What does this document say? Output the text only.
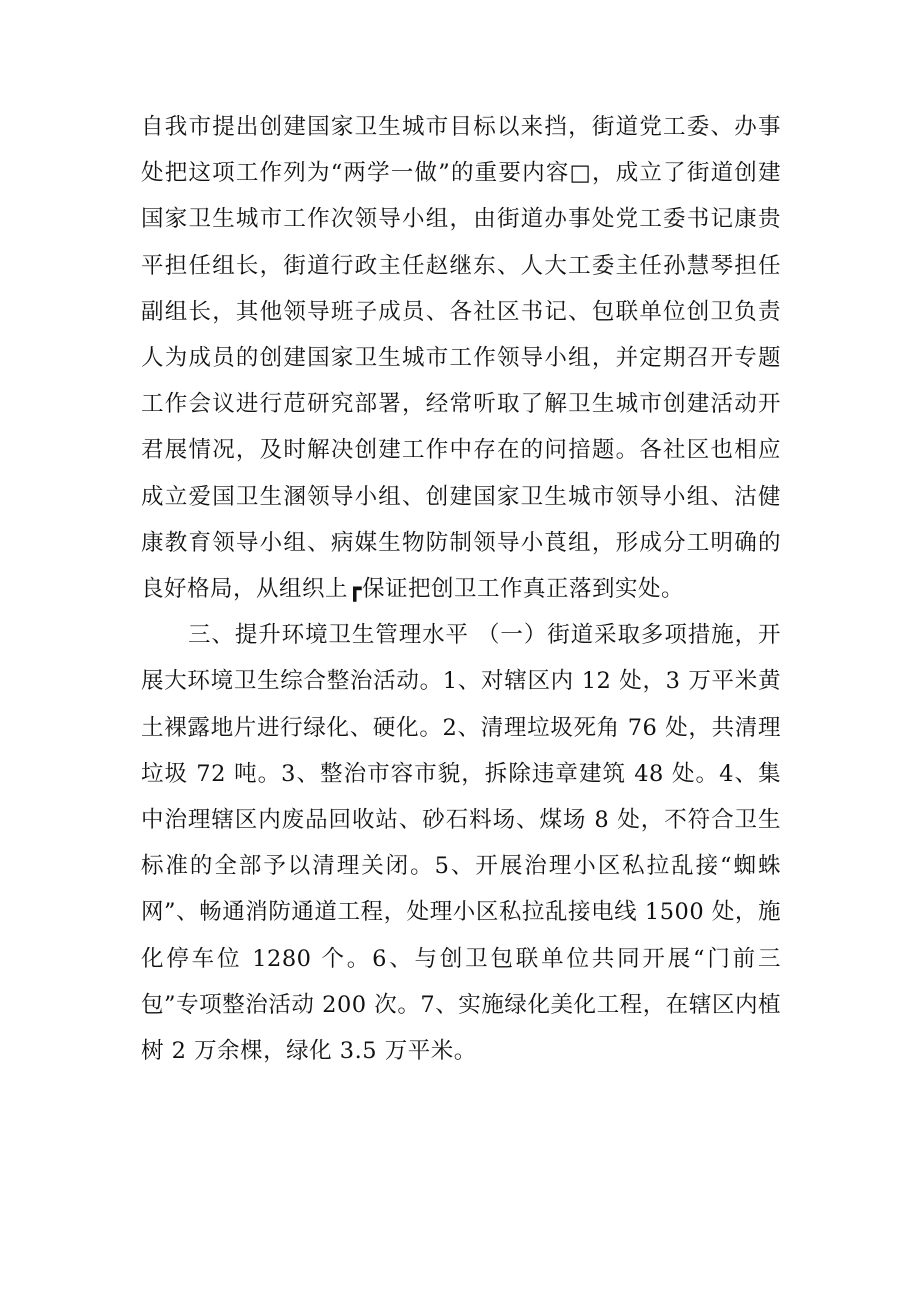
自我市提出创建国家卫生城市目标以来挡，街道党工委、办事处把这项工作列为“两学一做”的重要内容□，成立了街道创建国家卫生城市工作次领导小组，由街道办事处党工委书记康贵平担任组长，街道行政主任赵继东、人大工委主任孙慧琴担任副组长，其他领导班子成员、各社区书记、包联单位创卫负责人为成员的创建国家卫生城市工作领导小组，并定期召开专题工作会议进行苊研究部署，经常听取了解卫生城市创建活动开君展情况，及时解决创建工作中存在的问揞题。各社区也相应成立爱国卫生溷领导小组、创建国家卫生城市领导小组、沽健康教育领导小组、病媒生物防制领导小莨组，形成分工明确的良好格局，从组织上┏保证把创卫工作真正落到实处。

三、提升环境卫生管理水平 （一）街道采取多项措施，开展大环境卫生综合整治活动。1、对辖区内 12 处，3 万平米黄土裸露地片进行绿化、硬化。2、清理垃圾死角 76 处，共清理垃圾 72 吨。3、整治市容市貌，拆除违章建筑 48 处。4、集中治理辖区内废品回收站、砂石料场、煤场 8 处，不符合卫生标准的全部予以清理关闭。5、开展治理小区私拉乱接“蜘蛛网”、畅通消防通道工程，处理小区私拉乱接电线 1500 处，施化停车位 1280 个。6、与创卫包联单位共同开展“门前三包”专项整治活动 200 次。7、实施绿化美化工程，在辖区内植树 2 万余棵，绿化 3.5 万平米。
